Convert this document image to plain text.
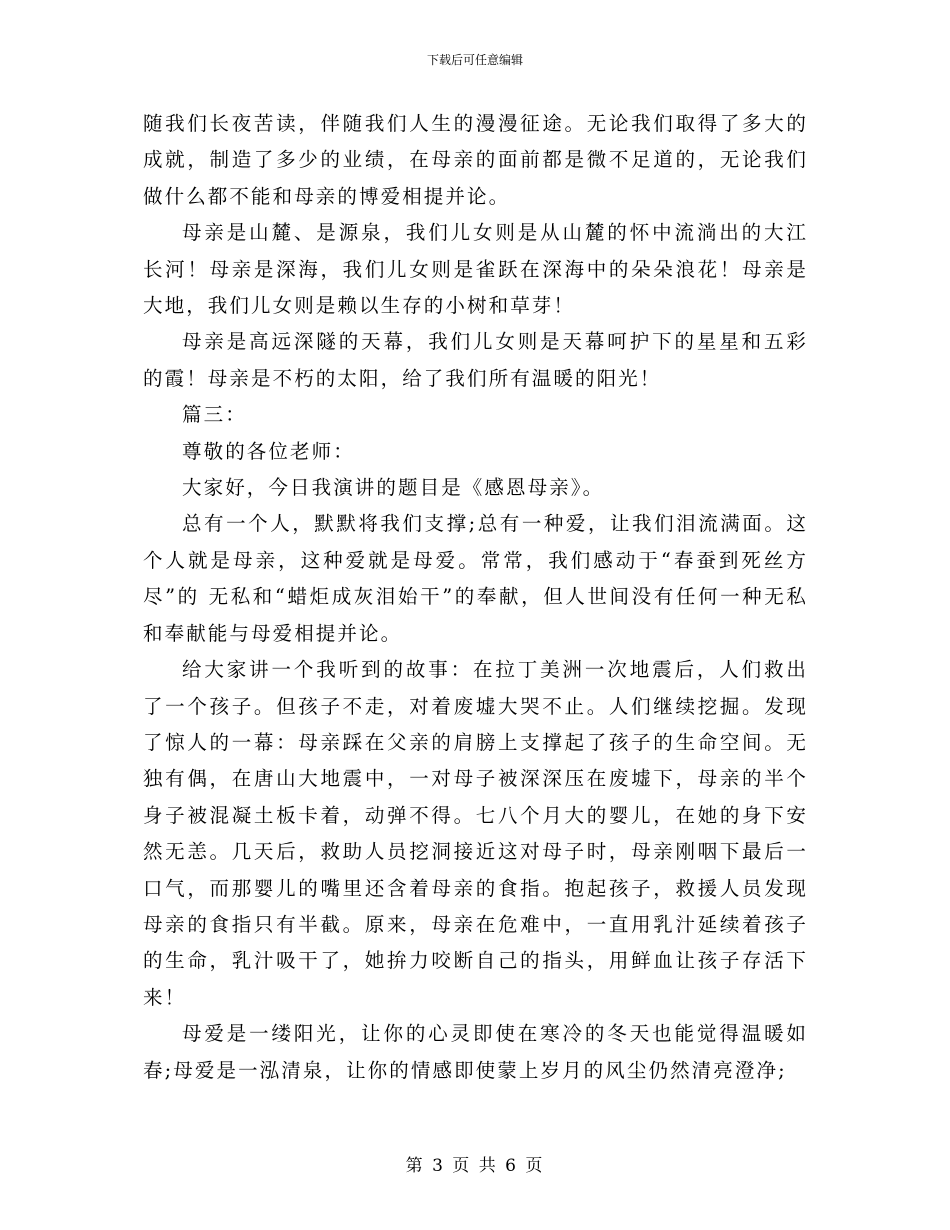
下载后可任意编辑

随我们长夜苦读，伴随我们人生的漫漫征途。无论我们取得了多大的成就，制造了多少的业绩，在母亲的面前都是微不足道的，无论我们做什么都不能和母亲的博爱相提并论。

母亲是山麓、是源泉，我们儿女则是从山麓的怀中流淌出的大江长河！母亲是深海，我们儿女则是雀跃在深海中的朵朵浪花！母亲是大地，我们儿女则是赖以生存的小树和草芽！

母亲是高远深隧的天幕，我们儿女则是天幕呵护下的星星和五彩的霞！母亲是不朽的太阳，给了我们所有温暖的阳光！

篇三：

尊敬的各位老师：

大家好，今日我演讲的题目是《感恩母亲》。

总有一个人，默默将我们支撑;总有一种爱，让我们泪流满面。这个人就是母亲，这种爱就是母爱。常常，我们感动于“春蚕到死丝方尽”的 无私和“蜡炬成灰泪始干”的奉献，但人世间没有任何一种无私和奉献能与母爱相提并论。

给大家讲一个我听到的故事：在拉丁美洲一次地震后，人们救出了一个孩子。但孩子不走，对着废墟大哭不止。人们继续挖掘。发现了惊人的一幕：母亲踩在父亲的肩膀上支撑起了孩子的生命空间。无独有偶，在唐山大地震中，一对母子被深深压在废墟下，母亲的半个身子被混凝土板卡着，动弹不得。七八个月大的婴儿，在她的身下安然无恙。几天后，救助人员挖洞接近这对母子时，母亲刚咽下最后一口气，而那婴儿的嘴里还含着母亲的食指。抱起孩子，救援人员发现母亲的食指只有半截。原来，母亲在危难中，一直用乳汁延续着孩子的生命，乳汁吸干了，她拚力咬断自己的指头，用鲜血让孩子存活下来！

母爱是一缕阳光，让你的心灵即使在寒冷的冬天也能觉得温暖如春;母爱是一泓清泉，让你的情感即使蒙上岁月的风尘仍然清亮澄净;

第 3 页 共 6 页
